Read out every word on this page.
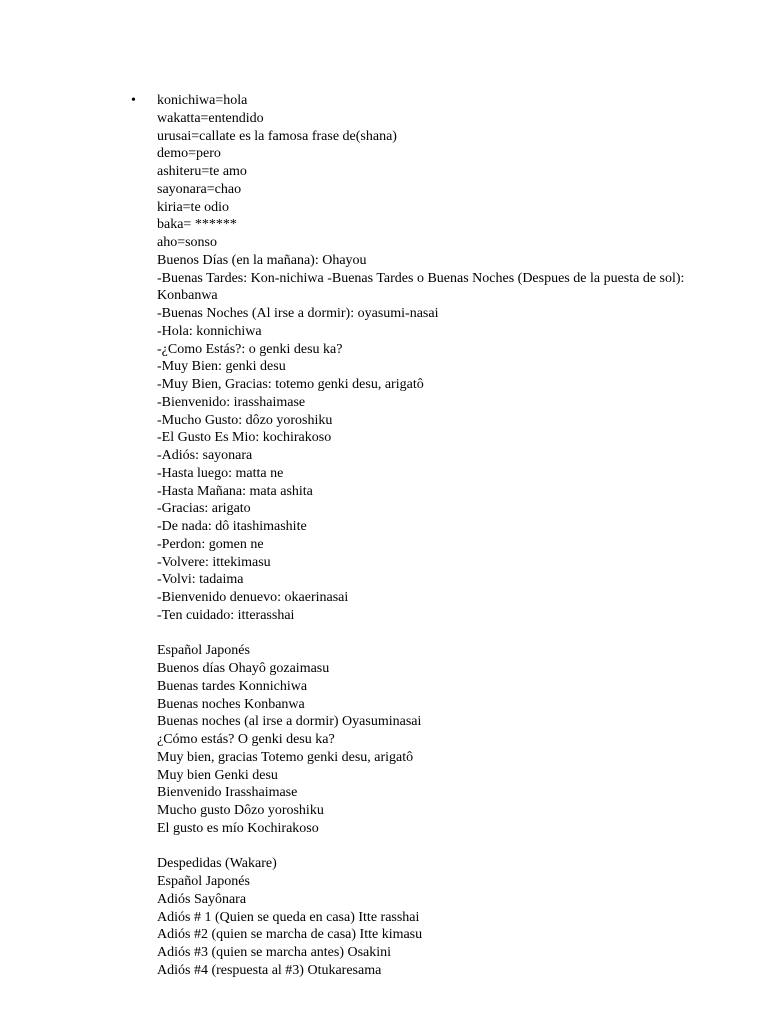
• konichiwa=hola
wakatta=entendido
urusai=callate es la famosa frase de(shana)
demo=pero
ashiteru=te amo
sayonara=chao
kiria=te odio
baka= ******
aho=sonso
Buenos Días (en la mañana): Ohayou
-Buenas Tardes: Kon-nichiwa -Buenas Tardes o Buenas Noches (Despues de la puesta de sol): Konbanwa
-Buenas Noches (Al irse a dormir): oyasumi-nasai
-Hola: konnichiwa
-¿Como Estás?: o genki desu ka?
-Muy Bien: genki desu
-Muy Bien, Gracias: totemo genki desu, arigatô
-Bienvenido: irasshaimase
-Mucho Gusto: dôzo yoroshiku
-El Gusto Es Mio: kochirakoso
-Adiós: sayonara
-Hasta luego: matta ne
-Hasta Mañana: mata ashita
-Gracias: arigato
-De nada: dô itashimashite
-Perdon: gomen ne
-Volvere: ittekimasu
-Volvi: tadaima
-Bienvenido denuevo: okaerinasai
-Ten cuidado: itterasshai
Español Japonés
Buenos días Ohayô gozaimasu
Buenas tardes Konnichiwa
Buenas noches Konbanwa
Buenas noches (al irse a dormir) Oyasuminasai
¿Cómo estás? O genki desu ka?
Muy bien, gracias Totemo genki desu, arigatô
Muy bien Genki desu
Bienvenido Irasshaimase
Mucho gusto Dôzo yoroshiku
El gusto es mío Kochirakoso
Despedidas (Wakare)
Español Japonés
Adiós Sayônara
Adiós # 1 (Quien se queda en casa) Itte rasshai
Adiós #2 (quien se marcha de casa) Itte kimasu
Adiós #3 (quien se marcha antes) Osakini
Adiós #4 (respuesta al #3) Otukaresama
